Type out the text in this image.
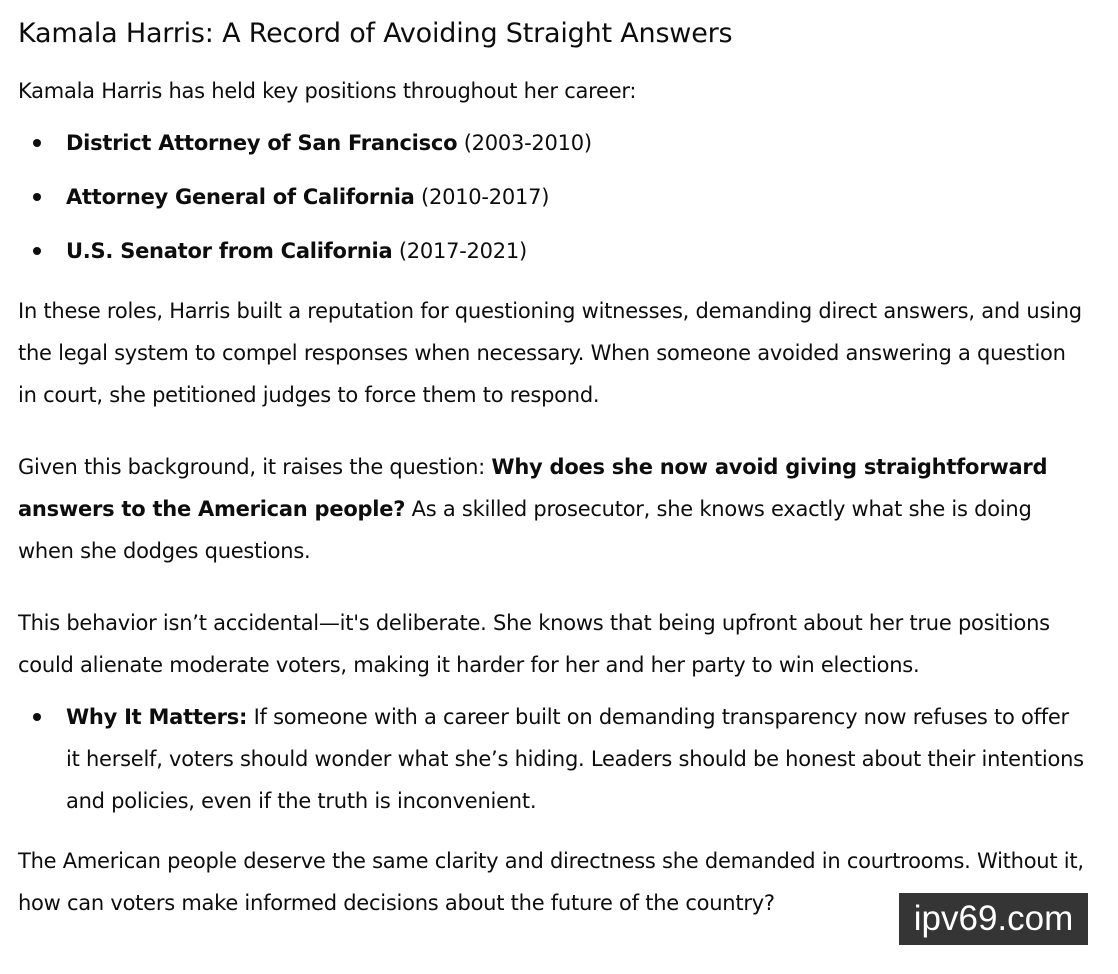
Kamala Harris: A Record of Avoiding Straight Answers

Kamala Harris has held key positions throughout her career:

District Attorney of San Francisco (2003-2010)
Attorney General of California (2010-2017)
U.S. Senator from California (2017-2021)

In these roles, Harris built a reputation for questioning witnesses, demanding direct answers, and using the legal system to compel responses when necessary. When someone avoided answering a question in court, she petitioned judges to force them to respond.

Given this background, it raises the question: Why does she now avoid giving straightforward answers to the American people? As a skilled prosecutor, she knows exactly what she is doing when she dodges questions.

This behavior isn’t accidental—it's deliberate. She knows that being upfront about her true positions could alienate moderate voters, making it harder for her and her party to win elections.

Why It Matters: If someone with a career built on demanding transparency now refuses to offer it herself, voters should wonder what she’s hiding. Leaders should be honest about their intentions and policies, even if the truth is inconvenient.

The American people deserve the same clarity and directness she demanded in courtrooms. Without it, how can voters make informed decisions about the future of the country?	ipv69.com
